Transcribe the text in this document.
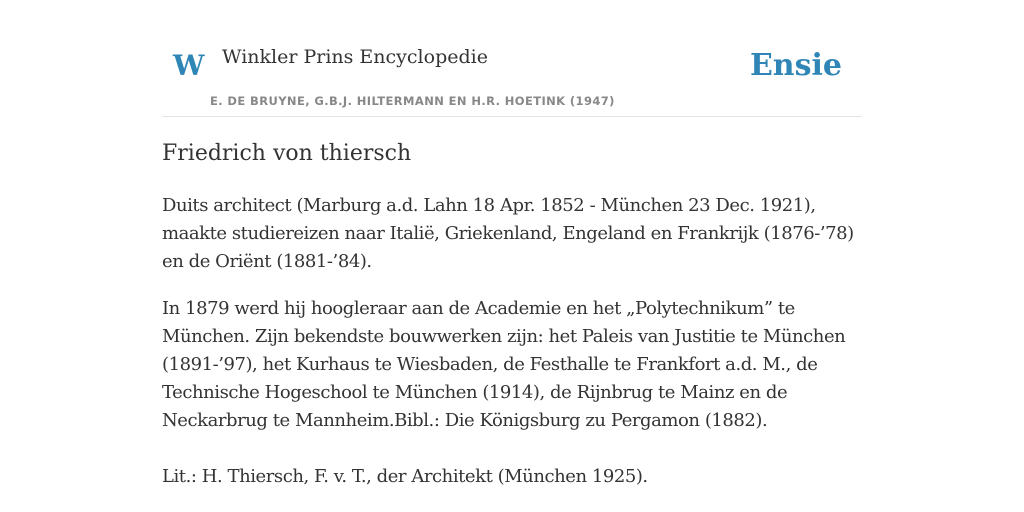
W Winkler Prins Encyclopedie
E. DE BRUYNE, G.B.J. HILTERMANN EN H.R. HOETINK (1947)
Ensie
Friedrich von thiersch

Duits architect (Marburg a.d. Lahn 18 Apr. 1852 - München 23 Dec. 1921), maakte studiereizen naar Italië, Griekenland, Engeland en Frankrijk (1876-’78) en de Oriënt (1881-’84).

In 1879 werd hij hoogleraar aan de Academie en het „Polytechnikum” te München. Zijn bekendste bouwwerken zijn: het Paleis van Justitie te München (1891-’97), het Kurhaus te Wiesbaden, de Festhalle te Frankfort a.d. M., de Technische Hogeschool te München (1914), de Rijnbrug te Mainz en de Neckarbrug te Mannheim.Bibl.: Die Königsburg zu Pergamon (1882).

Lit.: H. Thiersch, F. v. T., der Architekt (München 1925).
